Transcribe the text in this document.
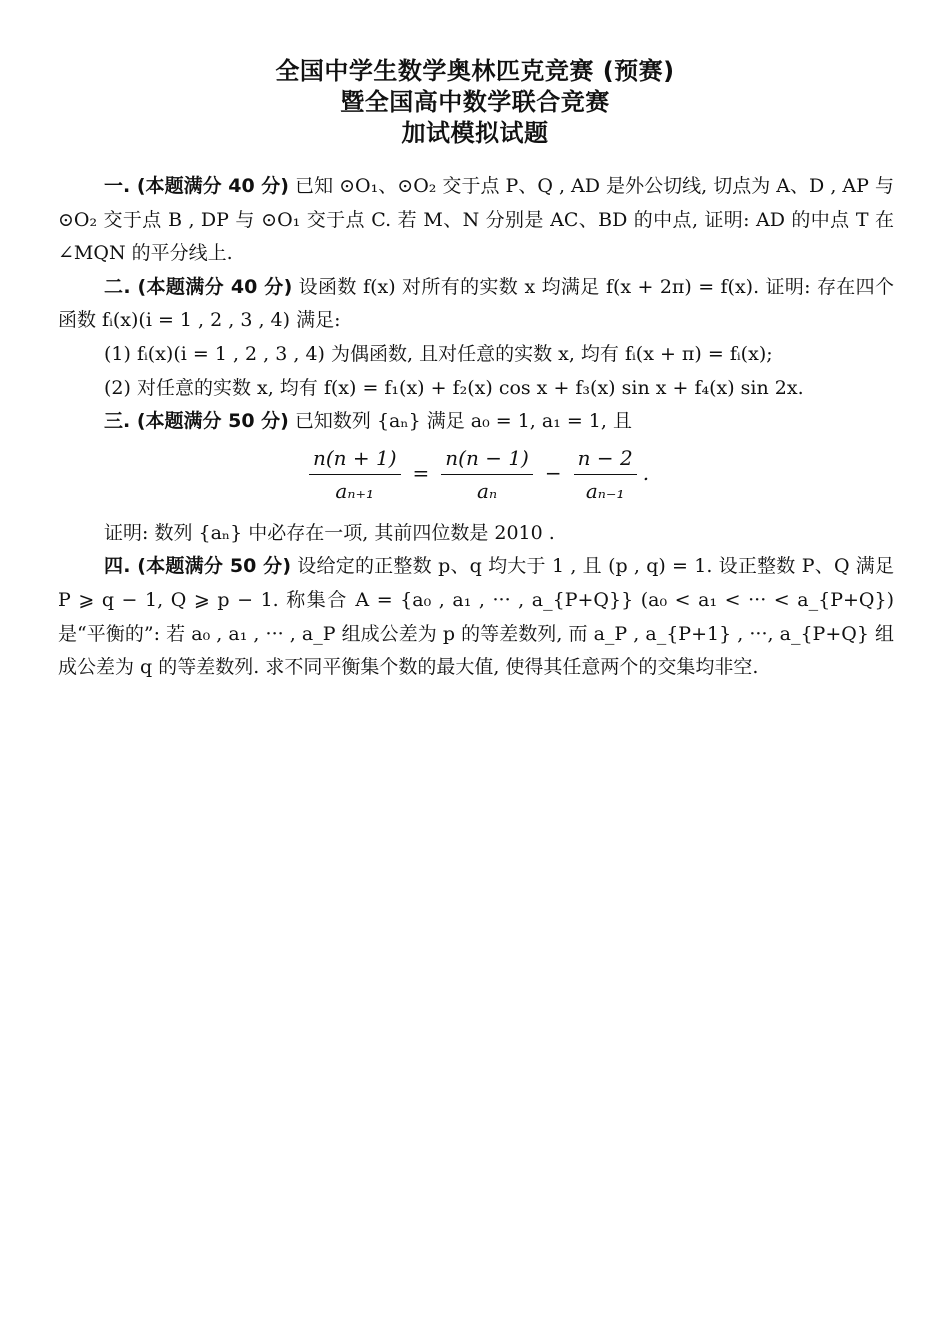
全国中学生数学奥林匹克竞赛 (预赛)
暨全国高中数学联合竞赛
加试模拟试题

一. (本题满分 40 分) 已知 ⊙O₁、⊙O₂ 交于点 P、Q , AD 是外公切线, 切点为 A、D , AP 与 ⊙O₂ 交于点 B , DP 与 ⊙O₁ 交于点 C. 若 M、N 分别是 AC、BD 的中点, 证明: AD 的中点 T 在 ∠MQN 的平分线上.

二. (本题满分 40 分) 设函数 f(x) 对所有的实数 x 均满足 f(x + 2π) = f(x). 证明: 存在四个函数 fᵢ(x)(i = 1 , 2 , 3 , 4) 满足:

(1) fᵢ(x)(i = 1 , 2 , 3 , 4) 为偶函数, 且对任意的实数 x, 均有 fᵢ(x + π) = fᵢ(x);

(2) 对任意的实数 x, 均有 f(x) = f₁(x) + f₂(x) cos x + f₃(x) sin x + f₄(x) sin 2x.

三. (本题满分 50 分) 已知数列 {aₙ} 满足 a₀ = 1, a₁ = 1, 且

$\frac{n(n + 1)}{\text{aₙ₊₁}} = \frac{n(n - 1)}{\text{aₙ}} - \frac{n - 2}{\text{aₙ₋₁}}$ .

证明: 数列 {aₙ} 中必存在一项, 其前四位数是 2010 .

四. (本题满分 50 分) 设给定的正整数 p、q 均大于 1 , 且 (p , q) = 1. 设正整数 P、Q 满足 P ⩾ q − 1, Q ⩾ p − 1. 称集合 A = {a₀ , a₁ , ··· , a_{P+Q}} (a₀ < a₁ < ··· < a_{P+Q}) 是“平衡的”: 若 a₀ , a₁ , ··· , a_P 组成公差为 p 的等差数列, 而 a_P , a_{P+1} , ···, a_{P+Q} 组成公差为 q 的等差数列. 求不同平衡集个数的最大值, 使得其任意两个的交集均非空.
